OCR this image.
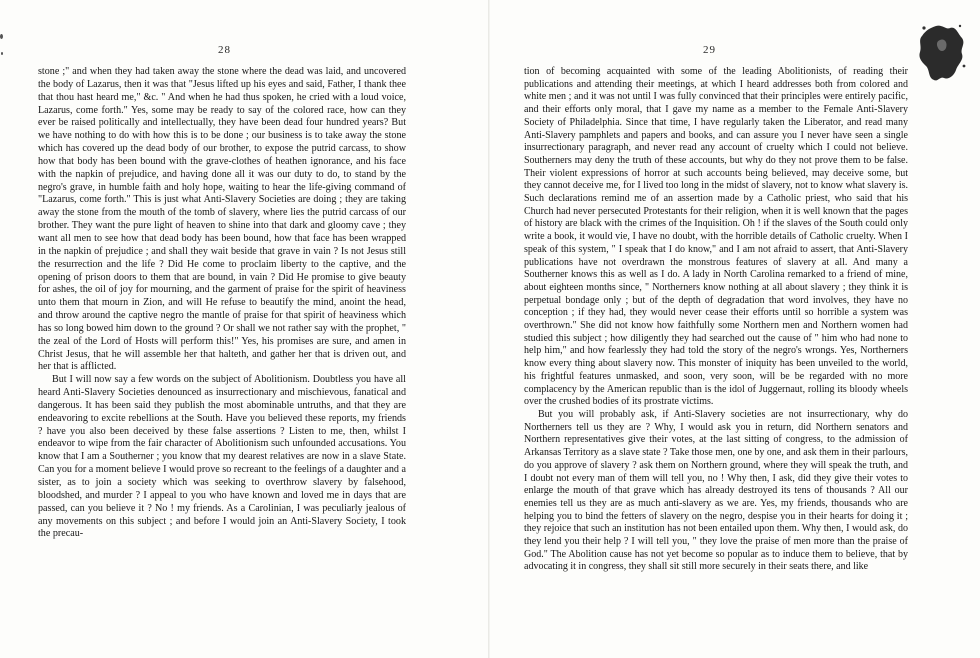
28

stone ;" and when they had taken away the stone where the dead was laid, and uncovered the body of Lazarus, then it was that "Jesus lifted up his eyes and said, Father, I thank thee that thou hast heard me," &c. " And when he had thus spoken, he cried with a loud voice, Lazarus, come forth." Yes, some may be ready to say of the colored race, how can they ever be raised politically and intellectually, they have been dead four hundred years? But we have nothing to do with how this is to be done ; our business is to take away the stone which has covered up the dead body of our brother, to expose the putrid carcass, to show how that body has been bound with the grave-clothes of heathen ignorance, and his face with the napkin of prejudice, and having done all it was our duty to do, to stand by the negro's grave, in humble faith and holy hope, waiting to hear the life-giving command of "Lazarus, come forth." This is just what Anti-Slavery Societies are doing ; they are taking away the stone from the mouth of the tomb of slavery, where lies the putrid carcass of our brother. They want the pure light of heaven to shine into that dark and gloomy cave ; they want all men to see how that dead body has been bound, how that face has been wrapped in the napkin of prejudice ; and shall they wait beside that grave in vain ? Is not Jesus still the resurrection and the life ? Did He come to proclaim liberty to the captive, and the opening of prison doors to them that are bound, in vain ? Did He promise to give beauty for ashes, the oil of joy for mourning, and the garment of praise for the spirit of heaviness unto them that mourn in Zion, and will He refuse to beautify the mind, anoint the head, and throw around the captive negro the mantle of praise for that spirit of heaviness which has so long bowed him down to the ground ? Or shall we not rather say with the prophet, " the zeal of the Lord of Hosts will perform this!" Yes, his promises are sure, and amen in Christ Jesus, that he will assemble her that halteth, and gather her that is driven out, and her that is afflicted.

But I will now say a few words on the subject of Abolitionism. Doubtless you have all heard Anti-Slavery Societies denounced as insurrectionary and mischievous, fanatical and dangerous. It has been said they publish the most abominable untruths, and that they are endeavoring to excite rebellions at the South. Have you believed these reports, my friends ? have you also been deceived by these false assertions ? Listen to me, then, whilst I endeavor to wipe from the fair character of Abolitionism such unfounded accusations. You know that I am a Southerner ; you know that my dearest relatives are now in a slave State. Can you for a moment believe I would prove so recreant to the feelings of a daughter and a sister, as to join a society which was seeking to overthrow slavery by falsehood, bloodshed, and murder ? I appeal to you who have known and loved me in days that are passed, can you believe it ? No ! my friends. As a Carolinian, I was peculiarly jealous of any movements on this subject ; and before I would join an Anti-Slavery Society, I took the precau-

29

tion of becoming acquainted with some of the leading Abolitionists, of reading their publications and attending their meetings, at which I heard addresses both from colored and white men ; and it was not until I was fully convinced that their principles were entirely pacific, and their efforts only moral, that I gave my name as a member to the Female Anti-Slavery Society of Philadelphia. Since that time, I have regularly taken the Liberator, and read many Anti-Slavery pamphlets and papers and books, and can assure you I never have seen a single insurrectionary paragraph, and never read any account of cruelty which I could not believe. Southerners may deny the truth of these accounts, but why do they not prove them to be false. Their violent expressions of horror at such accounts being believed, may deceive some, but they cannot deceive me, for I lived too long in the midst of slavery, not to know what slavery is. Such declarations remind me of an assertion made by a Catholic priest, who said that his Church had never persecuted Protestants for their religion, when it is well known that the pages of history are black with the crimes of the Inquisition. Oh ! if the slaves of the South could only write a book, it would vie, I have no doubt, with the horrible details of Catholic cruelty. When I speak of this system, " I speak that I do know," and I am not afraid to assert, that Anti-Slavery publications have not overdrawn the monstrous features of slavery at all. And many a Southerner knows this as well as I do. A lady in North Carolina remarked to a friend of mine, about eighteen months since, " Northerners know nothing at all about slavery ; they think it is perpetual bondage only ; but of the depth of degradation that word involves, they have no conception ; if they had, they would never cease their efforts until so horrible a system was overthrown." She did not know how faithfully some Northern men and Northern women had studied this subject ; how diligently they had searched out the cause of " him who had none to help him," and how fearlessly they had told the story of the negro's wrongs. Yes, Northerners know every thing about slavery now. This monster of iniquity has been unveiled to the world, his frightful features unmasked, and soon, very soon, will be be regarded with no more complacency by the American republic than is the idol of Juggernaut, rolling its bloody wheels over the crushed bodies of its prostrate victims.

But you will probably ask, if Anti-Slavery societies are not insurrectionary, why do Northerners tell us they are ? Why, I would ask you in return, did Northern senators and Northern representatives give their votes, at the last sitting of congress, to the admission of Arkansas Territory as a slave state ? Take those men, one by one, and ask them in their parlours, do you approve of slavery ? ask them on Northern ground, where they will speak the truth, and I doubt not every man of them will tell you, no ! Why then, I ask, did they give their votes to enlarge the mouth of that grave which has already destroyed its tens of thousands ? All our enemies tell us they are as much anti-slavery as we are. Yes, my friends, thousands who are helping you to bind the fetters of slavery on the negro, despise you in their hearts for doing it ; they rejoice that such an institution has not been entailed upon them. Why then, I would ask, do they lend you their help ? I will tell you, " they love the praise of men more than the praise of God." The Abolition cause has not yet become so popular as to induce them to believe, that by advocating it in congress, they shall sit still more securely in their seats there, and like
